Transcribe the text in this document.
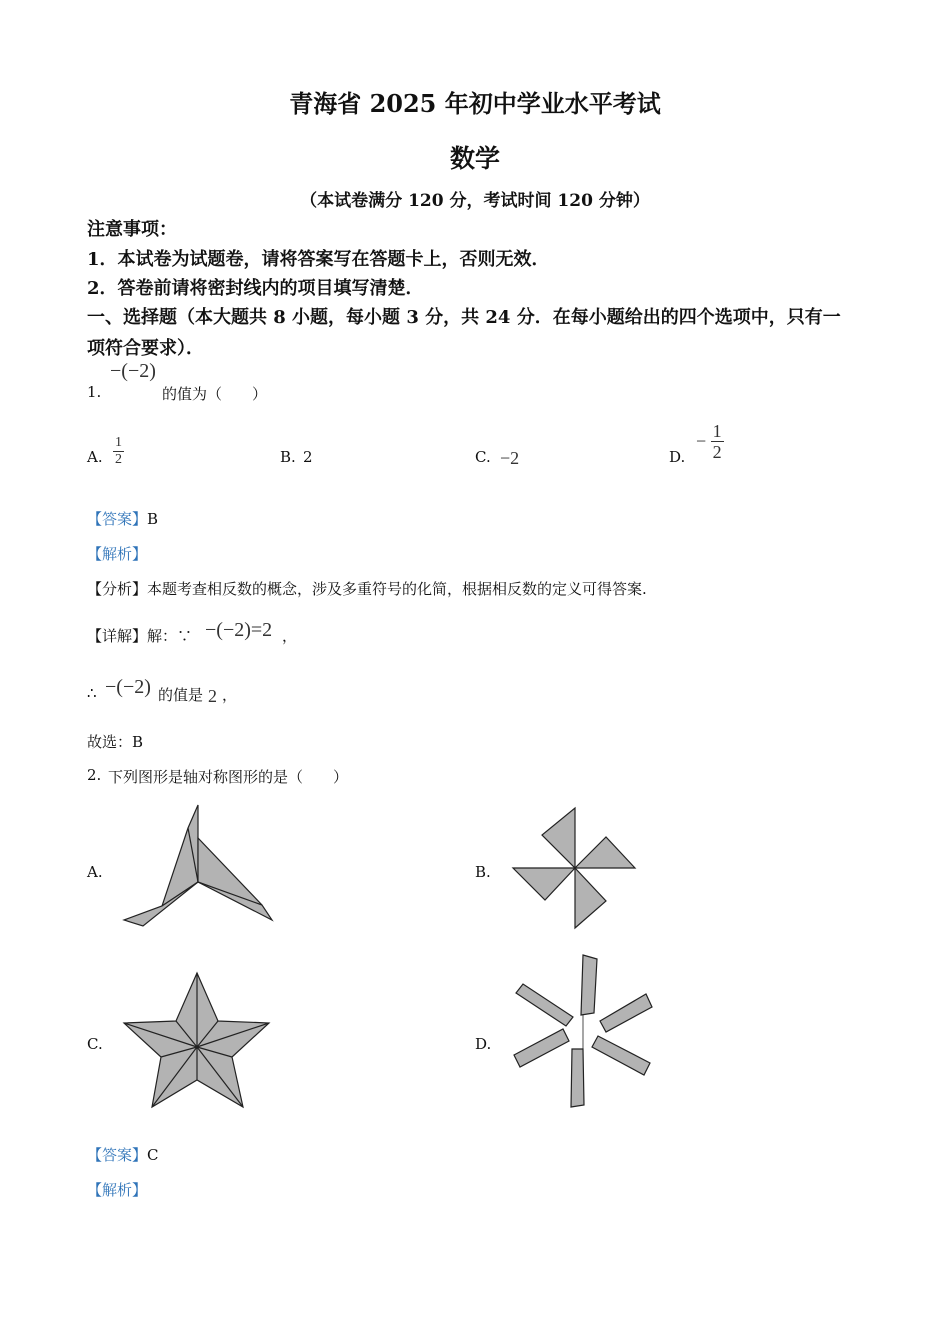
青海省 2025 年初中学业水平考试
数学
（本试卷满分 120 分，考试时间 120 分钟）
注意事项：
1．本试卷为试题卷，请将答案写在答题卡上，否则无效．
2．答卷前请将密封线内的项目填写清楚．
一、选择题（本大题共 8 小题，每小题 3 分，共 24 分．在每小题给出的四个选项中，只有一
项符合要求）．
1.
−(−2)
的值为（　　）
A. $\frac{1}{2}$	B. 2	C. −2	D.
− $\frac{1}{2}$
【答案】B
【解析】
【分析】本题考查相反数的概念，涉及多重符号的化简，根据相反数的定义可得答案.
【详解】解：∵ −(−2)=2 ，
∴ −(−2) 的值是 2 ，
故选：B
2. 下列图形是轴对称图形的是（　　）
A.	B.
C.	D.
【答案】C
【解析】
